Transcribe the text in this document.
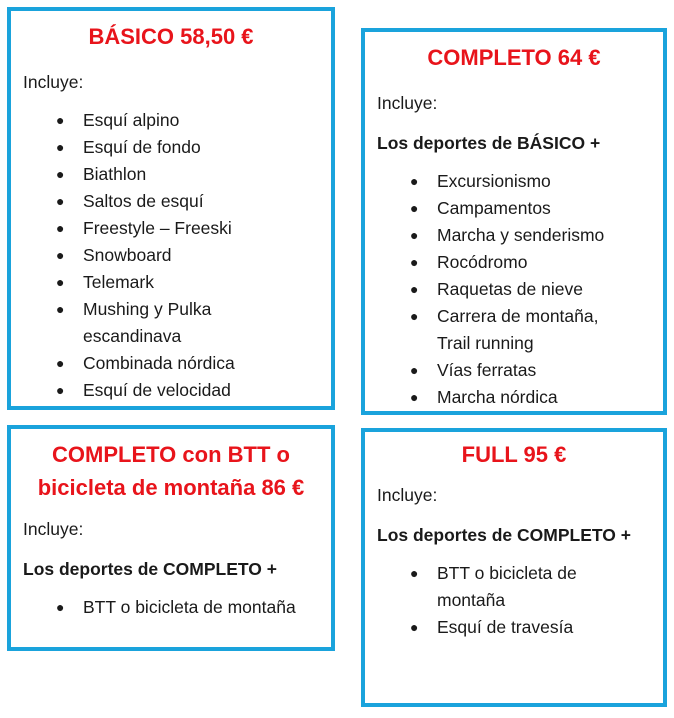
BÁSICO 58,50 €
Incluye:
● Esquí alpino
● Esquí de fondo
● Biathlon
● Saltos de esquí
● Freestyle – Freeski
● Snowboard
● Telemark
● Mushing y Pulka escandinava
● Combinada nórdica
● Esquí de velocidad
COMPLETO 64 €
Incluye:
Los deportes de BÁSICO +
● Excursionismo
● Campamentos
● Marcha y senderismo
● Rocódromo
● Raquetas de nieve
● Carrera de montaña, Trail running
● Vías ferratas
● Marcha nórdica
COMPLETO con BTT o bicicleta de montaña 86 €
Incluye:
Los deportes de COMPLETO +
● BTT o bicicleta de montaña
FULL 95 €
Incluye:
Los deportes de COMPLETO +
● BTT o bicicleta de montaña
● Esquí de travesía
